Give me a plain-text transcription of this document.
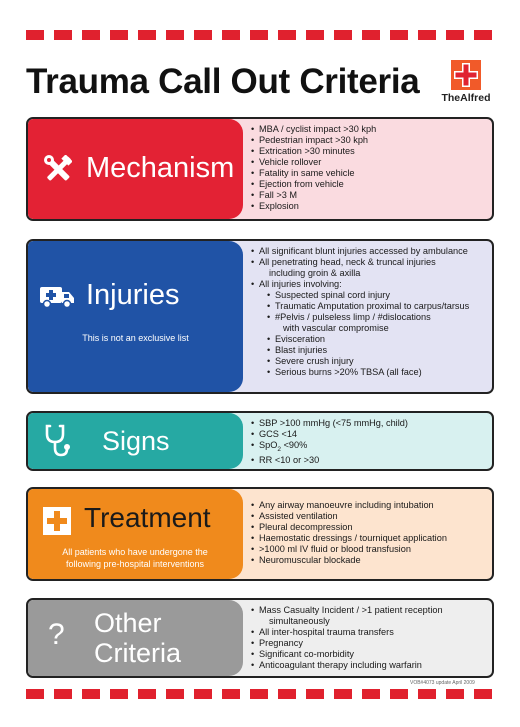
Trauma Call Out Criteria	TheAlfred
Mechanism
• MBA / cyclist impact >30 kph
• Pedestrian impact >30 kph
• Extrication >30 minutes
• Vehicle rollover
• Fatality in same vehicle
• Ejection from vehicle
• Fall >3 M
• Explosion
Injuries
This is not an exclusive list
• All significant blunt injuries accessed by ambulance
• All penetrating head, neck & truncal injuries
including groin & axilla
• All injuries involving:
• Suspected spinal cord injury
• Traumatic Amputation proximal to carpus/tarsus
• #Pelvis / pulseless limp / #dislocations
with vascular compromise
• Evisceration
• Blast injuries
• Severe crush injury
• Serious burns >20% TBSA (all face)
Signs
• SBP >100 mmHg (<75 mmHg, child)
• GCS <14
• SpO$_2$ <90%
• RR <10 or >30
Treatment
All patients who have undergone the following pre-hospital interventions
• Any airway manoeuvre including intubation
• Assisted ventilation
• Pleural decompression
• Haemostatic dressings / tourniquet application
• >1000 ml IV fluid or blood transfusion
• Neuromuscular blockade
? Other
Criteria
• Mass Casualty Incident / >1 patient reception
simultaneously
• All inter-hospital trauma transfers
• Pregnancy
• Significant co-morbidity
• Anticoagulant therapy including warfarin
VOB#4073 update April 2009
